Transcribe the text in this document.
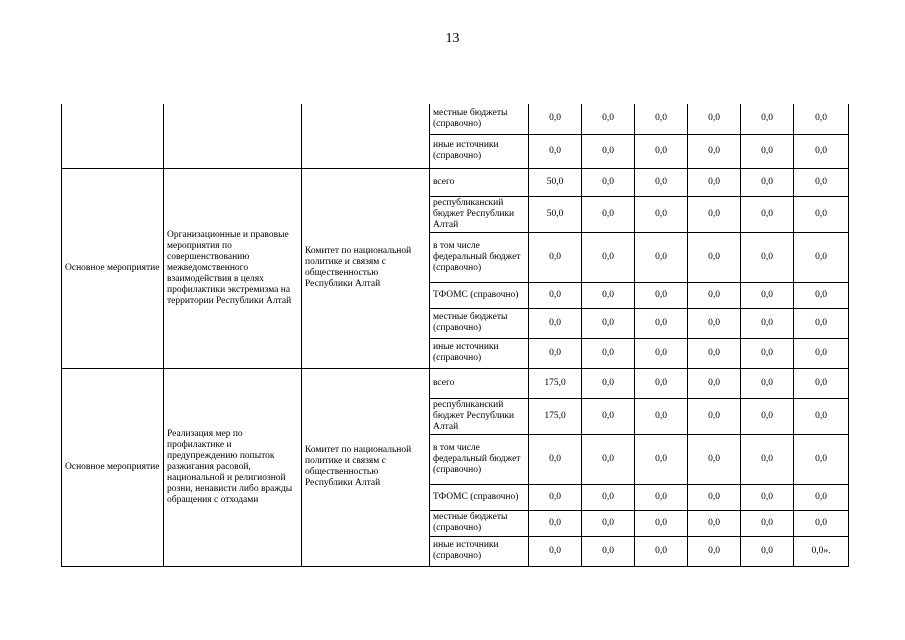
13
			местные бюджеты (справочно)	0,0	0,0	0,0	0,0	0,0	0,0
			иные источники (справочно)	0,0	0,0	0,0	0,0	0,0	0,0
Основное мероприятие	Организационные и правовые мероприятия по совершенствованию межведомственного взаимодействия в целях профилактики экстремизма на территории Республики Алтай	Комитет по национальной политике и связям с общественностью Республики Алтай	всего	50,0	0,0	0,0	0,0	0,0	0,0
			республиканский бюджет Республики Алтай	50,0	0,0	0,0	0,0	0,0	0,0
			в том числе федеральный бюджет (справочно)	0,0	0,0	0,0	0,0	0,0	0,0
			ТФОМС (справочно)	0,0	0,0	0,0	0,0	0,0	0,0
			местные бюджеты (справочно)	0,0	0,0	0,0	0,0	0,0	0,0
			иные источники (справочно)	0,0	0,0	0,0	0,0	0,0	0,0
Основное мероприятие	Реализация мер по профилактике и предупреждению попыток разжигания расовой, национальной и религиозной розни, ненависти либо вражды обращения с отходами	Комитет по национальной политике и связям с общественностью Республики Алтай	всего	175,0	0,0	0,0	0,0	0,0	0,0
			республиканский бюджет Республики Алтай	175,0	0,0	0,0	0,0	0,0	0,0
			в том числе федеральный бюджет (справочно)	0,0	0,0	0,0	0,0	0,0	0,0
			ТФОМС (справочно)	0,0	0,0	0,0	0,0	0,0	0,0
			местные бюджеты (справочно)	0,0	0,0	0,0	0,0	0,0	0,0
			иные источники (справочно)	0,0	0,0	0,0	0,0	0,0	0,0».
